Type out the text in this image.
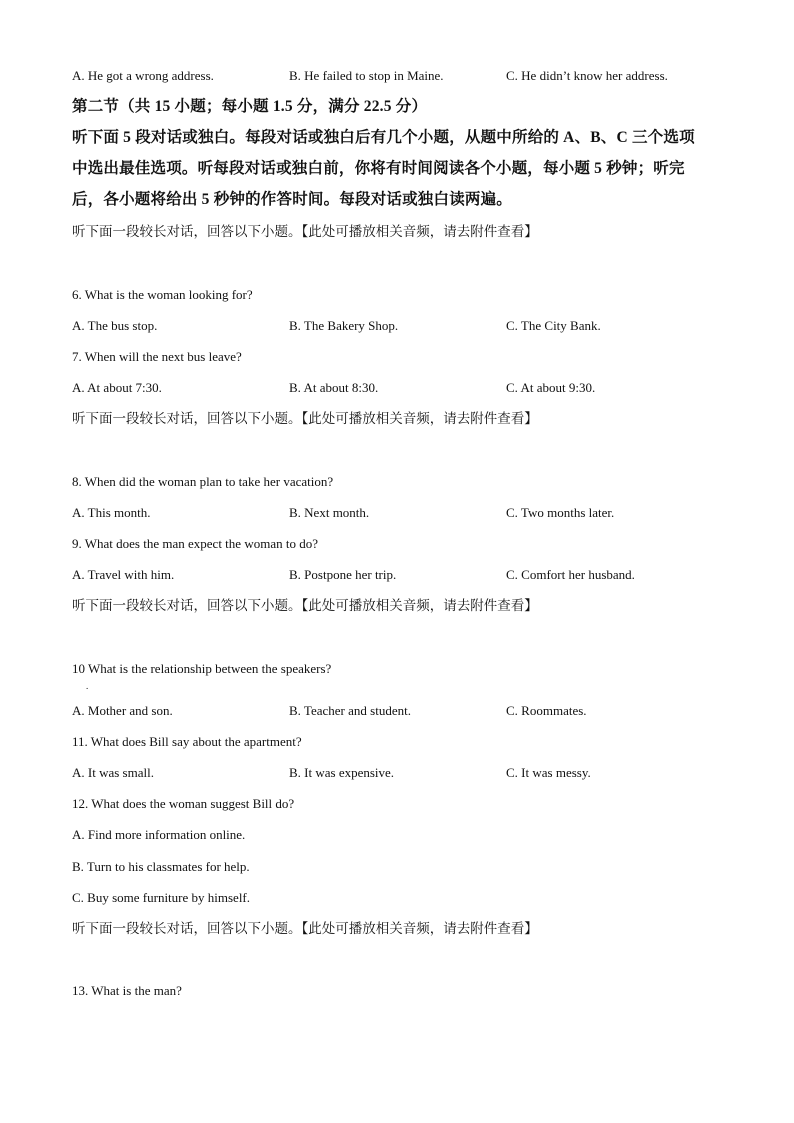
A. He got a wrong address.	B. He failed to stop in Maine.	C. He didn’t know her address.
第二节（共 15 小题；每小题 1.5 分，满分 22.5 分）
听下面 5 段对话或独白。每段对话或独白后有几个小题，从题中所给的 A、B、C 三个选项
中选出最佳选项。听每段对话或独白前，你将有时间阅读各个小题，每小题 5 秒钟；听完
后，各小题将给出 5 秒钟的作答时间。每段对话或独白读两遍。
听下面一段较长对话，回答以下小题。【此处可播放相关音频，请去附件查看】
6. What is the woman looking for?
A. The bus stop.	B. The Bakery Shop.	C. The City Bank.
7. When will the next bus leave?
A. At about 7:30.	B. At about 8:30.	C. At about 9:30.
听下面一段较长对话，回答以下小题。【此处可播放相关音频，请去附件查看】
8. When did the woman plan to take her vacation?
A. This month.	B. Next month.	C. Two months later.
9. What does the man expect the woman to do?
A. Travel with him.	B. Postpone her trip.	C. Comfort her husband.
听下面一段较长对话，回答以下小题。【此处可播放相关音频，请去附件查看】
10 What is the relationship between the speakers?
.
A. Mother and son.	B. Teacher and student.	C. Roommates.
11. What does Bill say about the apartment?
A. It was small.	B. It was expensive.	C. It was messy.
12. What does the woman suggest Bill do?
A. Find more information online.
B. Turn to his classmates for help.
C. Buy some furniture by himself.
听下面一段较长对话，回答以下小题。【此处可播放相关音频，请去附件查看】
13. What is the man?
